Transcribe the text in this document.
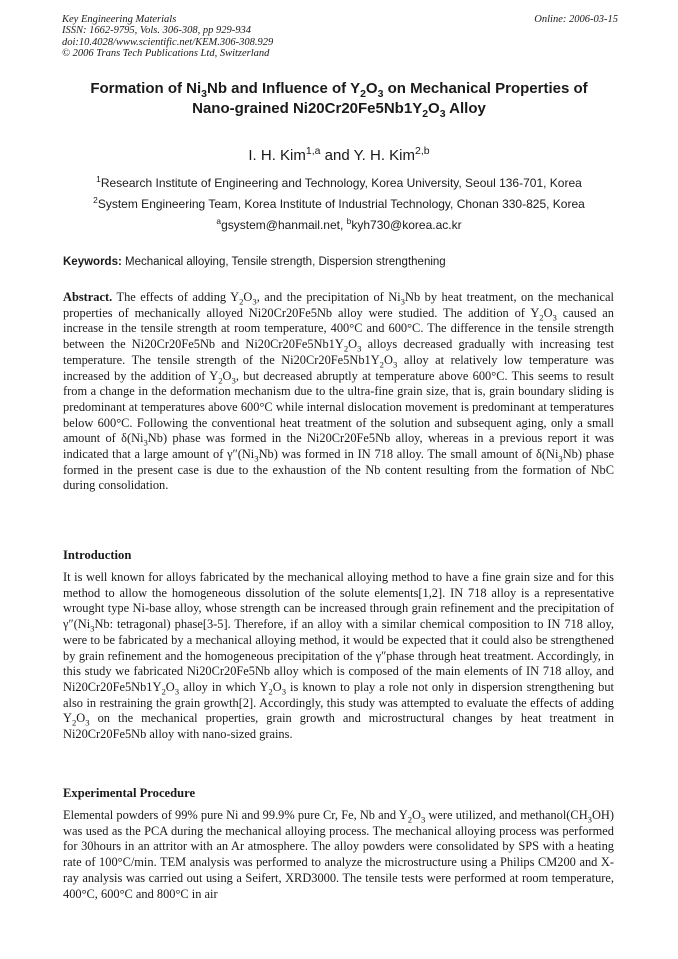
Key Engineering Materials
ISSN: 1662-9795, Vols. 306-308, pp 929-934
doi:10.4028/www.scientific.net/KEM.306-308.929
© 2006 Trans Tech Publications Ltd, Switzerland
Online: 2006-03-15
Formation of $Ni_3Nb$ and Influence of $Y_2O_3$ on Mechanical Properties of
Nano-grained $Ni20Cr20Fe5Nb1Y_2O_3$ Alloy
I. H. Kim$^{1,a}$ and Y. H. Kim$^{2,b}$
$^1$Research Institute of Engineering and Technology, Korea University, Seoul 136-701, Korea
$^2$System Engineering Team, Korea Institute of Industrial Technology, Chonan 330-825, Korea
$^a$gsystem@hanmail.net, $^b$kyh730@korea.ac.kr
Keywords: Mechanical alloying, Tensile strength, Dispersion strengthening
Abstract. The effects of adding $Y_2O_3$, and the precipitation of $Ni_3Nb$ by heat treatment, on the mechanical properties of mechanically alloyed Ni20Cr20Fe5Nb alloy were studied. The addition of $Y_2O_3$ caused an increase in the tensile strength at room temperature, 400°C and 600°C. The difference in the tensile strength between the Ni20Cr20Fe5Nb and $Ni20Cr20Fe5Nb1Y_2O_3$ alloys decreased gradually with increasing test temperature. The tensile strength of the $Ni20Cr20Fe5Nb1Y_2O_3$ alloy at relatively low temperature was increased by the addition of $Y_2O_3$, but decreased abruptly at temperature above 600°C. This seems to result from a change in the deformation mechanism due to the ultra-fine grain size, that is, grain boundary sliding is predominant at temperatures above 600°C while internal dislocation movement is predominant at temperatures below 600°C. Following the conventional heat treatment of the solution and subsequent aging, only a small amount of $\delta(Ni_3Nb)$ phase was formed in the Ni20Cr20Fe5Nb alloy, whereas in a previous report it was indicated that a large amount of $\gamma''(Ni_3Nb)$ was formed in IN 718 alloy. The small amount of $\delta(Ni_3Nb)$ phase formed in the present case is due to the exhaustion of the Nb content resulting from the formation of NbC during consolidation.
Introduction
It is well known for alloys fabricated by the mechanical alloying method to have a fine grain size and for this method to allow the homogeneous dissolution of the solute elements[1,2]. IN 718 alloy is a representative wrought type Ni-base alloy, whose strength can be increased through grain refinement and the precipitation of $\gamma''(Ni_3Nb$: tetragonal) phase[3-5]. Therefore, if an alloy with a similar chemical composition to IN 718 alloy, were to be fabricated by a mechanical alloying method, it would be expected that it could also be strengthened by grain refinement and the homogeneous precipitation of the γ″phase through heat treatment. Accordingly, in this study we fabricated Ni20Cr20Fe5Nb alloy which is composed of the main elements of IN 718 alloy, and $Ni20Cr20Fe5Nb1Y_2O_3$ alloy in which $Y_2O_3$ is known to play a role not only in dispersion strengthening but also in restraining the grain growth[2]. Accordingly, this study was attempted to evaluate the effects of adding $Y_2O_3$ on the mechanical properties, grain growth and microstructural changes by heat treatment in Ni20Cr20Fe5Nb alloy with nano-sized grains.
Experimental Procedure
Elemental powders of 99% pure Ni and 99.9% pure Cr, Fe, Nb and $Y_2O_3$ were utilized, and $methanol(CH_3OH)$ was used as the PCA during the mechanical alloying process. The mechanical alloying process was performed for 30hours in an attritor with an Ar atmosphere. The alloy powders were consolidated by SPS with a heating rate of 100°C/min. TEM analysis was performed to analyze the microstructure using a Philips CM200 and X-ray analysis was carried out using a Seifert, XRD3000. The tensile tests were performed at room temperature, 400°C, 600°C and 800°C in air
